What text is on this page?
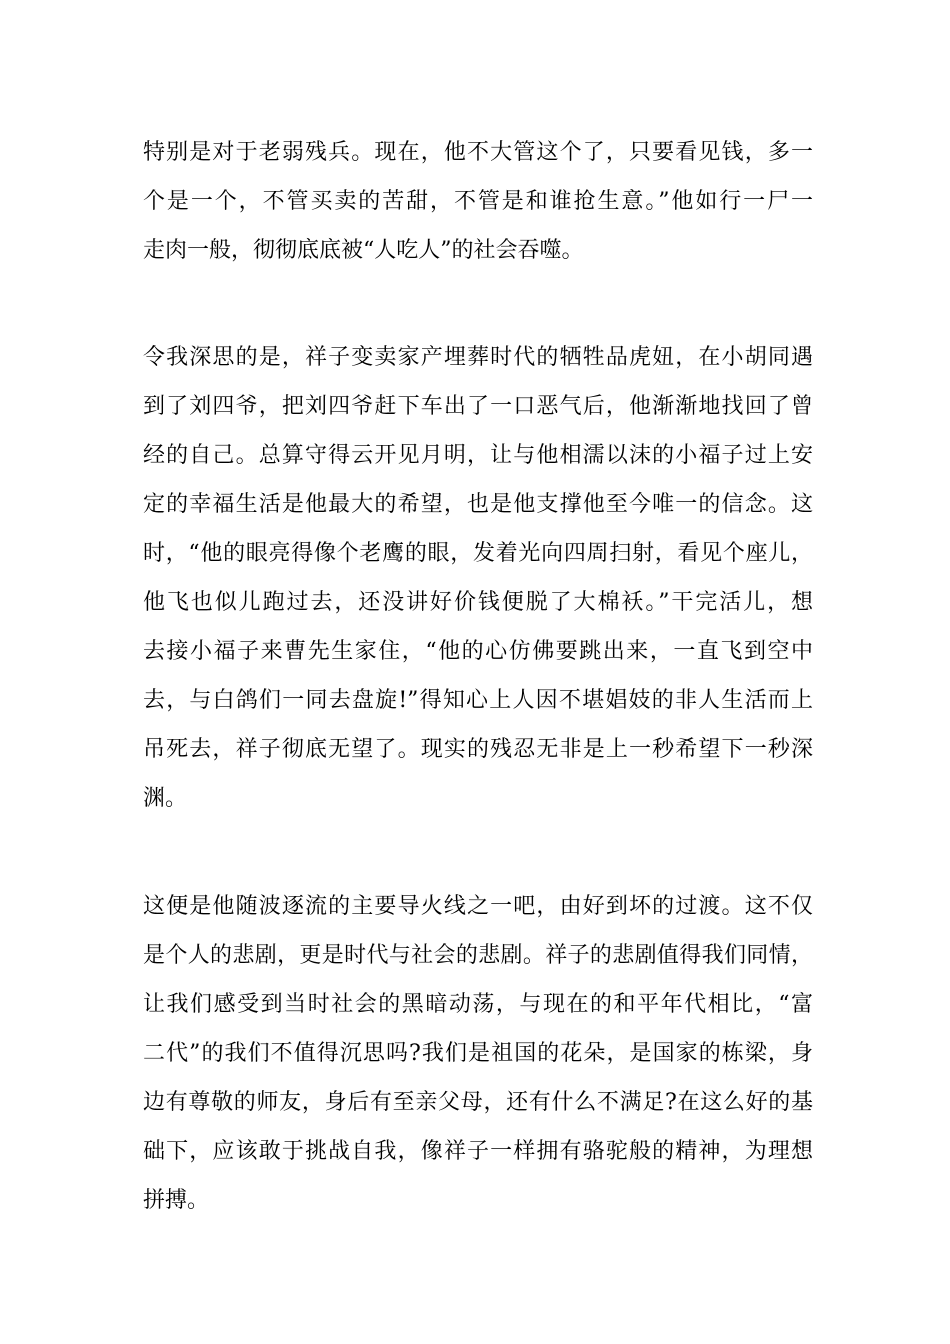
特别是对于老弱残兵。现在，他不大管这个了，只要看见钱，多一
个是一个，不管买卖的苦甜，不管是和谁抢生意。”他如行一尸一
走肉一般，彻彻底底被“人吃人”的社会吞噬。
令我深思的是，祥子变卖家产埋葬时代的牺牲品虎妞，在小胡同遇
到了刘四爷，把刘四爷赶下车出了一口恶气后，他渐渐地找回了曾
经的自己。总算守得云开见月明，让与他相濡以沫的小福子过上安
定的幸福生活是他最大的希望，也是他支撑他至今唯一的信念。这
时，“他的眼亮得像个老鹰的眼，发着光向四周扫射，看见个座儿，
他飞也似儿跑过去，还没讲好价钱便脱了大棉袄。”干完活儿，想
去接小福子来曹先生家住，“他的心仿佛要跳出来，一直飞到空中
去，与白鸽们一同去盘旋!”得知心上人因不堪娼妓的非人生活而上
吊死去，祥子彻底无望了。现实的残忍无非是上一秒希望下一秒深
渊。
这便是他随波逐流的主要导火线之一吧，由好到坏的过渡。这不仅
是个人的悲剧，更是时代与社会的悲剧。祥子的悲剧值得我们同情，
让我们感受到当时社会的黑暗动荡，与现在的和平年代相比，“富
二代”的我们不值得沉思吗?我们是祖国的花朵，是国家的栋梁，身
边有尊敬的师友，身后有至亲父母，还有什么不满足?在这么好的基
础下，应该敢于挑战自我，像祥子一样拥有骆驼般的精神，为理想
拼搏。
